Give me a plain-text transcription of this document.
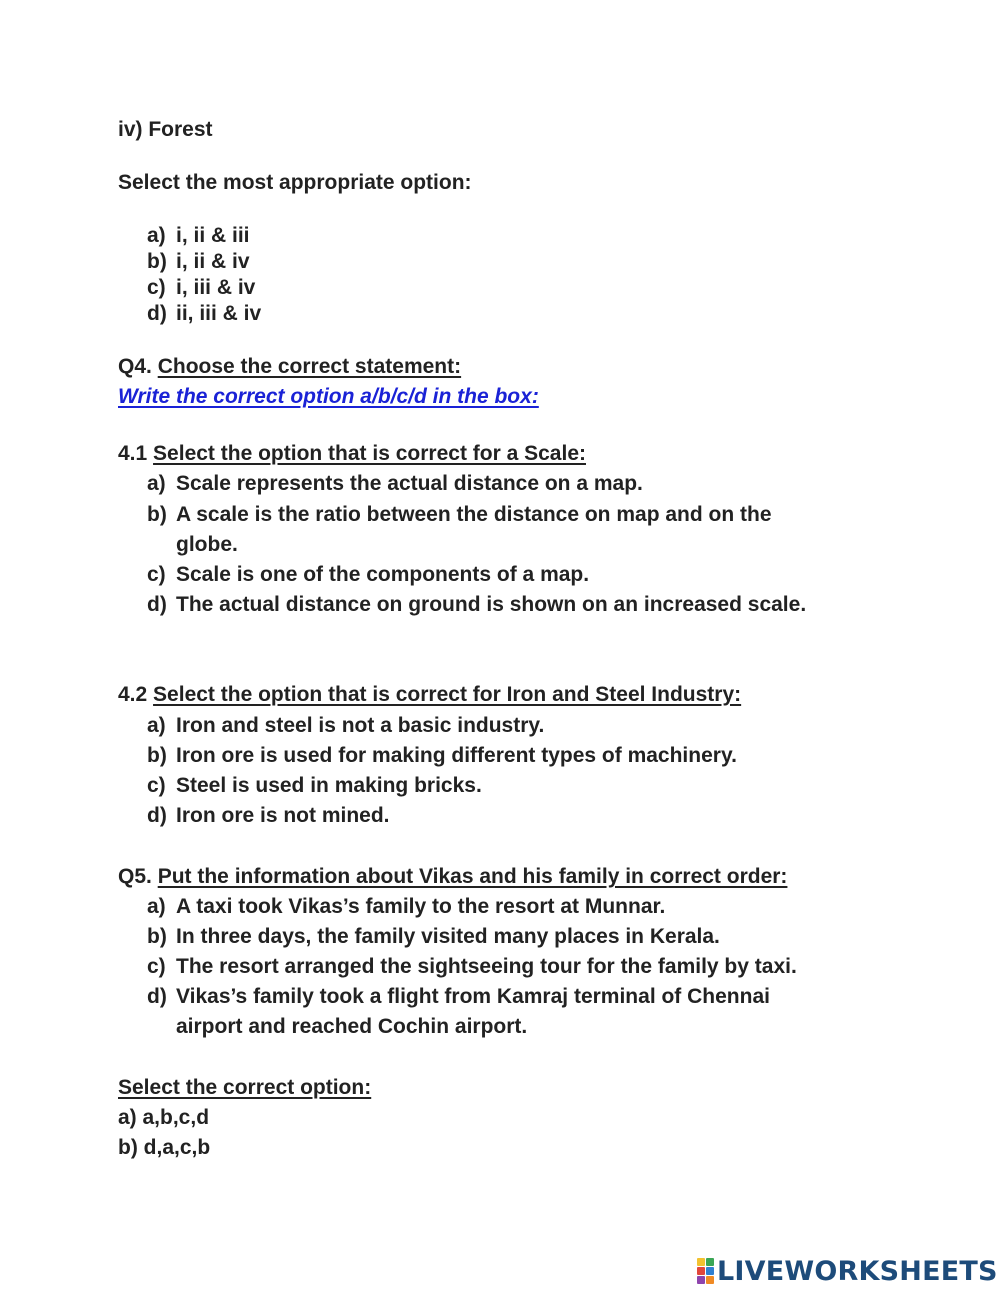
iv) Forest
Select the most appropriate option:
a) i, ii & iii
b) i, ii & iv
c) i, iii & iv
d) ii, iii & iv
Q4. Choose the correct statement:
Write the correct option a/b/c/d in the box:
4.1 Select the option that is correct for a Scale:
a) Scale represents the actual distance on a map.
b) A scale is the ratio between the distance on map and on the
globe.
c) Scale is one of the components of a map.
d) The actual distance on ground is shown on an increased scale.
4.2 Select the option that is correct for Iron and Steel Industry:
a) Iron and steel is not a basic industry.
b) Iron ore is used for making different types of machinery.
c) Steel is used in making bricks.
d) Iron ore is not mined.
Q5. Put the information about Vikas and his family in correct order:
a) A taxi took Vikas’s family to the resort at Munnar.
b) In three days, the family visited many places in Kerala.
c) The resort arranged the sightseeing tour for the family by taxi.
d) Vikas’s family took a flight from Kamraj terminal of Chennai
airport and reached Cochin airport.
Select the correct option:
a) a,b,c,d
b) d,a,c,b
LIVEWORKSHEETS
